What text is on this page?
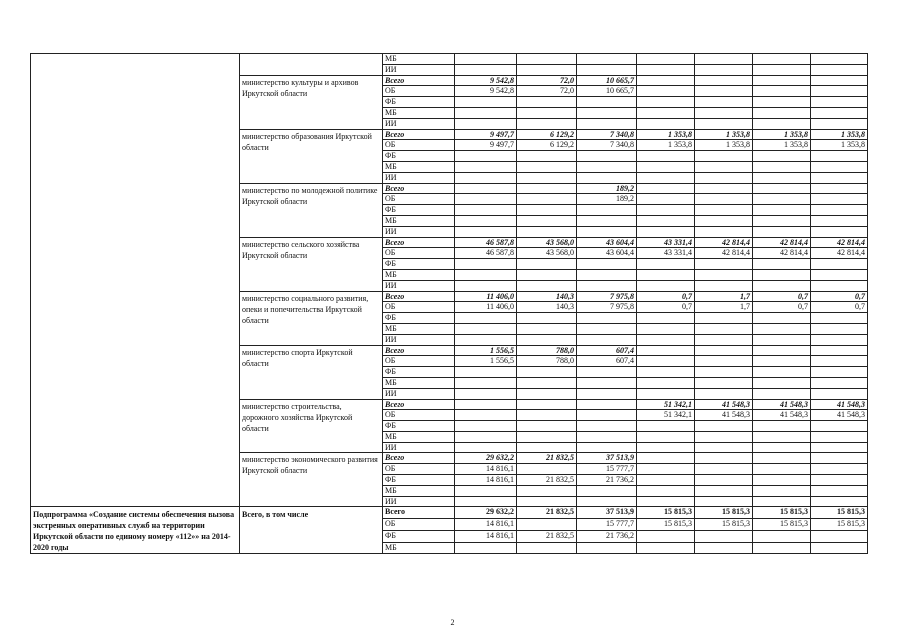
		МБ							
		ИИ							
	министерство культуры и архивов Иркутской области	Всего	9 542,8	72,0	10 665,7				
		ОБ	9 542,8	72,0	10 665,7				
		ФБ							
		МБ							
		ИИ							
	министерство образования Иркутской области	Всего	9 497,7	6 129,2	7 340,8	1 353,8	1 353,8	1 353,8	1 353,8
		ОБ	9 497,7	6 129,2	7 340,8	1 353,8	1 353,8	1 353,8	1 353,8
		ФБ							
		МБ							
		ИИ							
	министерство по молодежной политике Иркутской области	Всего			189,2				
		ОБ			189,2				
		ФБ							
		МБ							
		ИИ							
	министерство сельского хозяйства Иркутской области	Всего	46 587,8	43 568,0	43 604,4	43 331,4	42 814,4	42 814,4	42 814,4
		ОБ	46 587,8	43 568,0	43 604,4	43 331,4	42 814,4	42 814,4	42 814,4
		ФБ							
		МБ							
		ИИ							
	министерство социального развития, опеки и попечительства Иркутской области	Всего	11 406,0	140,3	7 975,8	0,7	1,7	0,7	0,7
		ОБ	11 406,0	140,3	7 975,8	0,7	1,7	0,7	0,7
		ФБ							
		МБ							
		ИИ							
	министерство спорта Иркутской области	Всего	1 556,5	788,0	607,4				
		ОБ	1 556,5	788,0	607,4				
		ФБ							
		МБ							
		ИИ							
	министерство строительства, дорожного хозяйства Иркутской области	Всего				51 342,1	41 548,3	41 548,3	41 548,3
		ОБ				51 342,1	41 548,3	41 548,3	41 548,3
		ФБ							
		МБ							
		ИИ							
	министерство экономического развития Иркутской области	Всего	29 632,2	21 832,5	37 513,9				
		ОБ	14 816,1		15 777,7				
		ФБ	14 816,1	21 832,5	21 736,2				
		МБ							
		ИИ							
Подпрограмма «Создание системы обеспечения вызова экстренных оперативных служб на территории Иркутской области по единому номеру «112»» на 2014-2020 годы	Всего, в том числе	Всего	29 632,2	21 832,5	37 513,9	15 815,3	15 815,3	15 815,3	15 815,3
		ОБ	14 816,1		15 777,7	15 815,3	15 815,3	15 815,3	15 815,3
		ФБ	14 816,1	21 832,5	21 736,2				
		МБ							
2
